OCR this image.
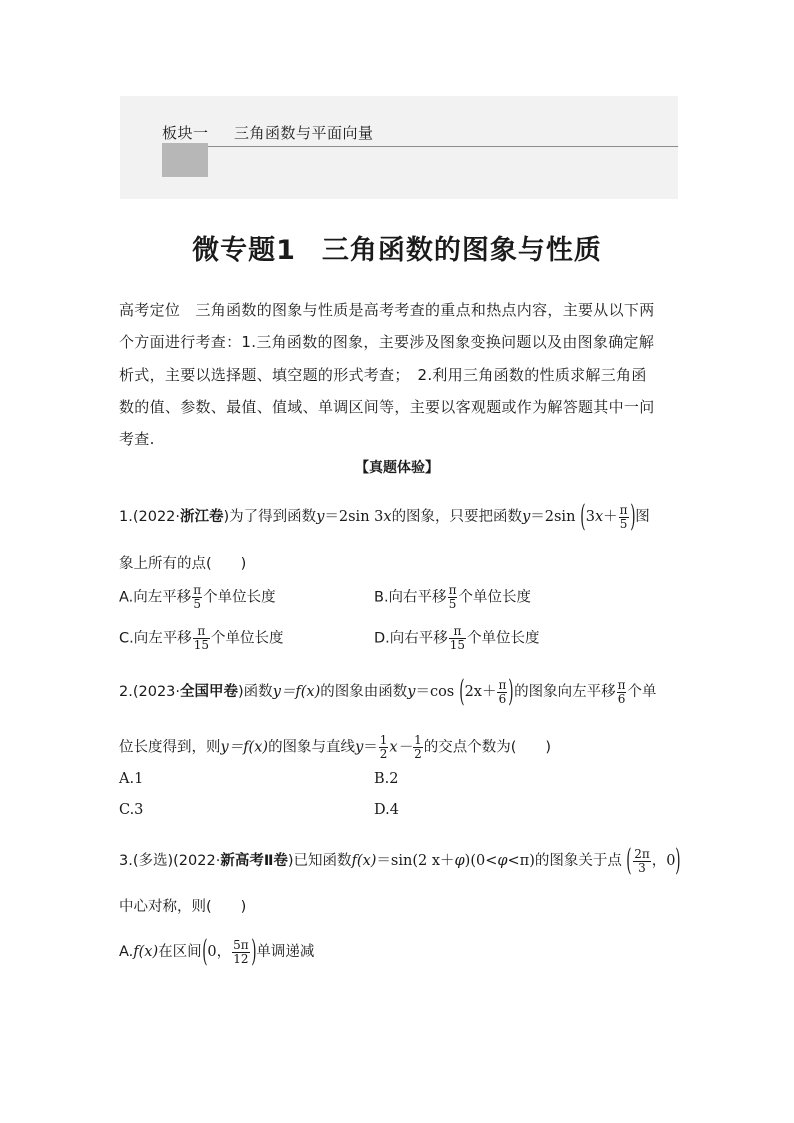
板块一 三角函数与平面向量
微专题1 三角函数的图象与性质
高考定位　三角函数的图象与性质是高考考查的重点和热点内容，主要从以下两
个方面进行考查：1.三角函数的图象，主要涉及图象变换问题以及由图象确定解
析式，主要以选择题、填空题的形式考查；　2.利用三角函数的性质求解三角函
数的值、参数、最值、值域、单调区间等，主要以客观题或作为解答题其中一问
考查.
【真题体验】
1.(2022·浙江卷)为了得到函数y＝2sin 3x的图象，只要把函数y＝2sin ($3x+ \frac{\pi}{5}$ )图
象上所有的点(　　)
A.向左平移 $\frac{\pi}{5}$ 个单位长度	B.向右平移 $\frac{\pi}{5}$ 个单位长度
C.向左平移 $\frac{\pi}{15}$ 个单位长度	D.向右平移 $\frac{\pi}{15}$ 个单位长度
2.(2023·全国甲卷)函数y＝f(x)的图象由函数y＝cos ($2x+ \frac{\pi}{6}$ )的图象向左平移 $\frac{\pi}{6}$ 个单
位长度得到，则y＝f(x)的图象与直线$y= \frac{1}{2} x- \frac{1}{2}$ 的交点个数为(　　)
A.1	B.2
C.3	D.4
3.(多选)(2022·新高考Ⅱ卷)已知函数f(x)＝sin(2 x＋φ)(0<φ<π)的图象关于点 ( $\frac{2\pi}{3}$ ，0)
中心对称，则(　　)
A.f(x)在区间(0， $\frac{5\pi}{12}$ )单调递减
